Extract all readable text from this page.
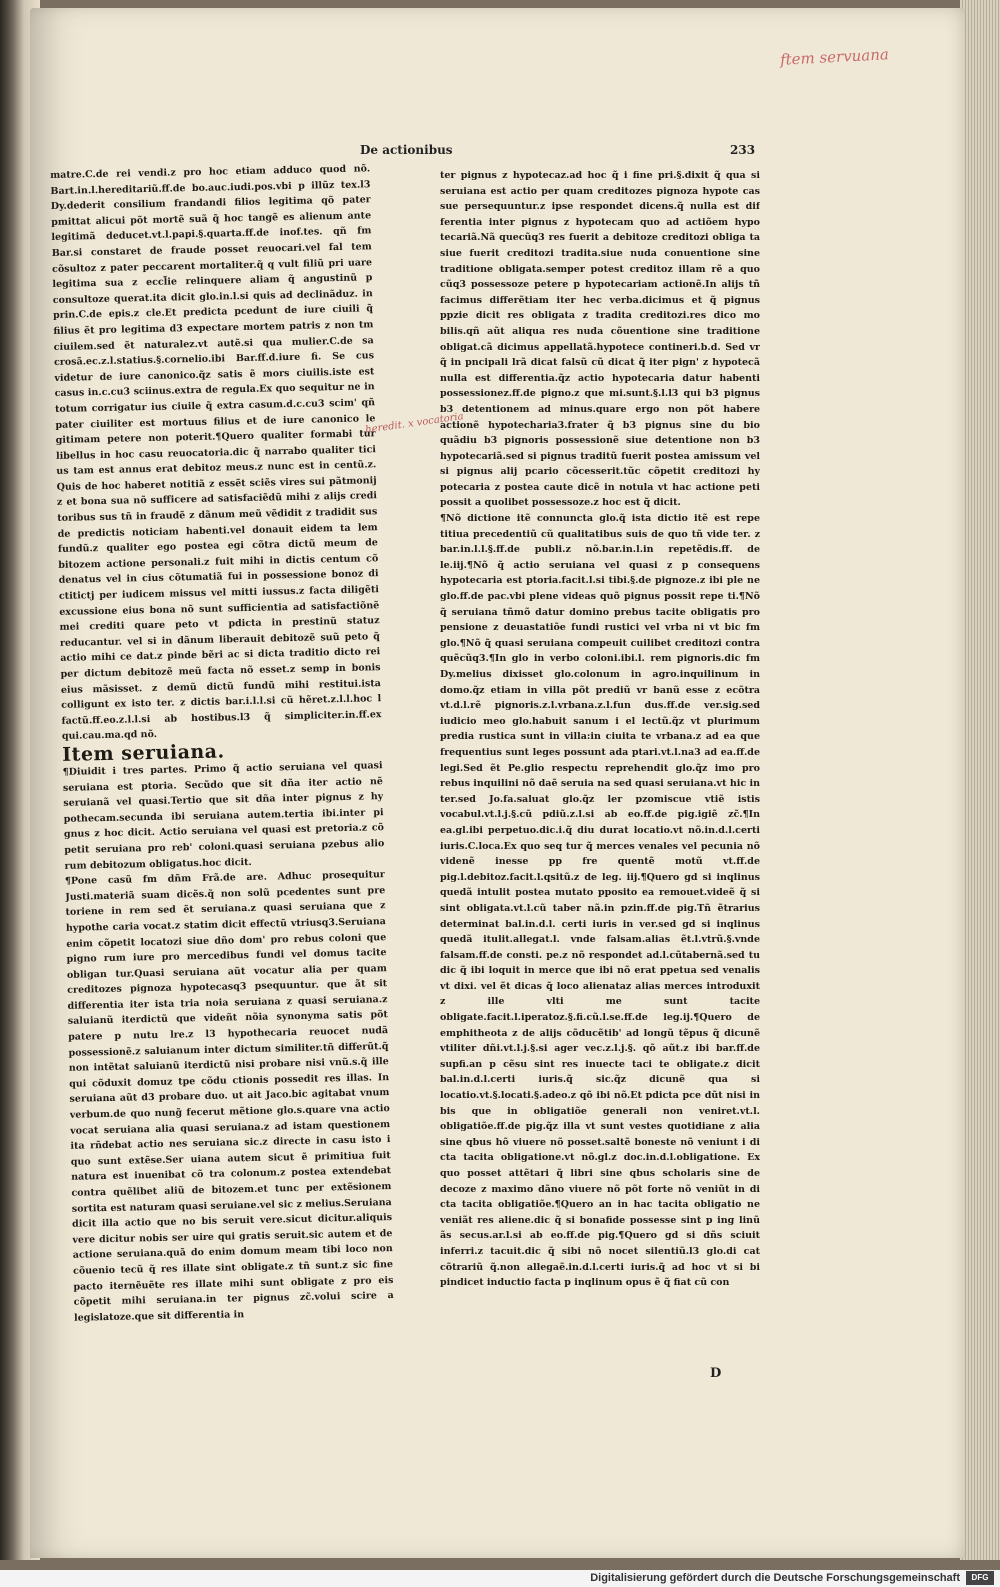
ftem servuana
De actionibus	233

matre.C.de rei vendi.z pro hoc etiam adduco quod nõ. Bart.in.l.hereditariũ.ff.de bo.auc.iudi.pos.vbi p illũz tex.l3 Dy.dederit consilium frandandi filios legitima qõ pater pmittat alicui põt mortẽ suã q̃ hoc tangẽ es alienum ante legitimã deducet.vt.l.papi.§.quarta.ff.de inof.tes. qñ fm Bar.si constaret de fraude posset reuocari.vel fal tem cõsultoz z pater peccarent mortaliter.q̃ q vult filiũ pri uare legitima sua z eccl̃ie relinquere aliam q̃ angustinũ p consultoze querat.ita dicit glo.in.l.si quis ad declinãduz. in prin.C.de epis.z cle.Et predicta pcedunt de iure ciuili q̃ filius ẽt pro legitima d3 expectare mortem patris z non tm ciuilem.sed ẽt naturalez.vt autẽ.si qua mulier.C.de sa crosã.ec.z.l.statius.§.cornelio.ibi Bar.ff.d.iure fi. Se cus videtur de iure canonico.q̃z satis ẽ mors ciuilis.iste est casus in.c.cu3 sciinus.extra de regula.Ex quo sequitur ne in totum corrigatur ius ciuile q̃ extra casum.d.c.cu3 scim' qñ pater ciuiliter est mortuus filius et de iure canonico le gitimam petere non poterit.¶Quero qualiter formabi tur libellus in hoc casu reuocatoria.dic q̃ narrabo qualiter tici us tam est annus erat debitoz meus.z nunc est in centũ.z. Quis de hoc haberet notitiã z essẽt sciẽs vires sui pãtmonij z et bona sua nõ sufficere ad satisfaciẽdũ mihi z alijs credi toribus sus tñ in fraudẽ z dãnum meũ vẽdidit z tradidit sus de predictis noticiam habenti.vel donauit eidem ta lem fundũ.z qualiter ego postea egi cõtra dictũ meum de bitozem actione personali.z fuit mihi in dictis centum cõ denatus vel in cius cõtumatiã fui in possessione bonoz di ctitictj per iudicem missus vel mitti iussus.z facta diligẽti excussione eius bona nõ sunt sufficientia ad satisfactiõnẽ mei crediti quare peto vt pdicta in prestinũ statuz reducantur. vel si in dãnum liberauit debitozẽ suũ peto q̃ actio mihi ce dat.z pinde bẽri ac si dicta traditio dicto rei per dictum debitozẽ meũ facta nõ esset.z semp in bonis eius mãsisset. z demũ dictũ fundũ mihi restitui.ista colligunt ex isto ter. z dictis bar.i.l.l.si cũ hẽret.z.l.l.hoc l factũ.ff.eo.z.l.l.si ab hostibus.l3 q̃ simpliciter.in.ff.ex qui.cau.ma.qd nõ.

Item seruiana.

¶Diuidit i tres partes. Primo q̃ actio seruiana vel quasi seruiana est ptoria. Secũdo que sit dña iter actio nẽ seruianã vel quasi.Tertio que sit dña inter pignus z hy pothecam.secunda ibi seruiana autem.tertia ibi.inter pi gnus z hoc dicit. Actio seruiana vel quasi est pretoria.z cõ petit seruiana pro reb' coloni.quasi seruiana pzebus alio rum debitozum obligatus.hoc dicit.

¶Pone casũ fm dñm Frã.de are. Adhuc prosequitur Justi.materiã suam dicẽs.q̃ non solũ pcedentes sunt pre toriene in rem sed ẽt seruiana.z quasi seruiana que z hypothe caria vocat.z statim dicit effectũ vtriusq3.Seruiana enim cõpetit locatozi siue dño dom' pro rebus coloni que pigno rum iure pro mercedibus fundi vel domus tacite obligan tur.Quasi seruiana aũt vocatur alia per quam creditozes pignoza hypotecasq3 psequuntur. que ãt sit differentia iter ista tria noia seruiana z quasi seruiana.z saluianũ iterdictũ que videñt nõia synonyma satis põt patere p nutu lre.z l3 hypothecaria reuocet nudã possessionẽ.z saluianum inter dictum similiter.tñ differũt.q̃ non intẽtat saluianũ iterdictũ nisi probare nisi vnũ.s.q̃ ille qui cõduxit domuz tpe cõdu ctionis possedit res illas. In seruiana aũt d3 probare duo. ut ait Jaco.bic agitabat vnum verbum.de quo nung̃ fecerut mẽtione glo.s.quare vna actio vocat seruiana alia quasi seruiana.z ad istam questionem ita rñdebat actio nes seruiana sic.z directe in casu isto i quo sunt extẽse.Ser uiana autem sicut ẽ primitiua fuit natura est inuenibat cõ tra colonum.z postea extendebat contra quẽlibet aliũ de bitozem.et tunc per extẽsionem sortita est naturam quasi seruiane.vel sic z melius.Seruiana dicit illa actio que no bis seruit vere.sicut dicitur.aliquis vere dicitur nobis ser uire qui gratis seruit.sic autem et de actione seruiana.quã do enim domum meam tibi loco non cõuenio tecũ q̃ res illate sint obligate.z tñ sunt.z sic fine pacto iternẽuẽte res illate mihi sunt obligate z pro eis cõpetit mihi seruiana.in ter pignus zc̃.volui scire a legislatoze.que sit differentia in

heredit. x vocatoria

ter pignus z hypotecaz.ad hoc q̃ i fine pri.§.dixit q̃ qua si seruiana est actio per quam creditozes pignoza hypote cas sue persequuntur.z ipse respondet dicens.q̃ nulla est dif ferentia inter pignus z hypotecam quo ad actiõem hypo tecariã.Nã quecũq3 res fuerit a debitoze creditozi obliga ta siue fuerit creditozi tradita.siue nuda conuentione sine traditione obligata.semper potest creditoz illam rẽ a quo cũq3 possessoze petere p hypotecariam actionẽ.In alijs tñ facimus differẽtiam iter hec verba.dicimus et q̃ pignus ppzie dicit res obligata z tradita creditozi.res dico mo bilis.qñ aũt aliqua res nuda cõuentione sine traditione obligat.cã dicimus appellatã.hypotece contineri.b.d. Sed vr q̃ in pncipali lrã dicat falsũ cũ dicat q̃ iter pign' z hypotecã nulla est differentia.q̃z actio hypotecaria datur habenti possessionez.ff.de pigno.z que mi.sunt.§.l.l3 qui b3 pignus b3 detentionem ad minus.quare ergo non põt habere actionẽ hypotecharia3.frater q̃ b3 pignus sine du bio quãdiu b3 pignoris possessionẽ siue detentione non b3 hypotecariã.sed si pignus traditũ fuerit postea amissum vel si pignus alij pcario cõcesserit.tũc cõpetit creditozi hy potecaria z postea caute dicẽ in notula vt hac actione peti possit a quolibet possessoze.z hoc est q̃ dicit.

¶Nõ dictione itẽ connuncta glo.q̃ ista dictio itẽ est repe titiua precedentiũ cũ qualitatibus suis de quo tñ vide ter. z bar.in.l.l.§.ff.de publi.z nõ.bar.in.l.in repetẽdis.ff. de le.iij.¶Nõ q̃ actio seruiana vel quasi z p consequens hypotecaria est ptoria.facit.l.si tibi.§.de pignoze.z ibi ple ne glo.ff.de pac.vbi plene videas quõ pignus possit repe ti.¶Nõ q̃ seruiana tñmõ datur domino prebus tacite obligatis pro pensione z deuastatiõe fundi rustici vel vrba ni vt bic fm glo.¶Nõ q̃ quasi seruiana compeuit cuilibet creditozi contra quẽcũq3.¶In glo in verbo coloni.ibi.l. rem pignoris.dic fm Dy.melius dixisset glo.colonum in agro.inquilinum in domo.q̃z etiam in villa põt prediũ vr banũ esse z ecõtra vt.d.l.rẽ pignoris.z.l.vrbana.z.l.fun dus.ff.de ver.sig.sed iudicio meo glo.habuit sanum i el lectũ.q̃z vt plurimum predia rustica sunt in villa:in ciuita te vrbana.z ad ea que frequentius sunt leges possunt ada ptari.vt.l.na3 ad ea.ff.de legi.Sed ẽt Pe.glio respectu reprehendit glo.q̃z imo pro rebus inquilini nõ daẽ seruia na sed quasi seruiana.vt hic in ter.sed Jo.fa.saluat glo.q̃z ler pzomiscue vtiẽ istis vocabul.vt.l.j.§.cũ pdiũ.z.l.si ab eo.ff.de pig.igiẽ zc̃.¶In ea.gl.ibi perpetuo.dic.i.q̃ diu durat locatio.vt nõ.in.d.l.certi iuris.C.loca.Ex quo seq tur q̃ merces venales vel pecunia nõ videnẽ inesse pp fre quentẽ motũ vt.ff.de pig.l.debitoz.facit.l.qsitũ.z de leg. iij.¶Quero gd si inqlinus quedã intulit postea mutato pposito ea remouet.videẽ q̃ si sint obligata.vt.l.cũ taber nã.in pzin.ff.de pig.Tñ ẽtrarius determinat bal.in.d.l. certi iuris in ver.sed gd si inqlinus quedã itulit.allegat.l. vnde falsam.alias ẽt.l.vtrũ.§.vnde falsam.ff.de consti. pe.z nõ respondet ad.l.cũtabernã.sed tu dic q̃ ibi loquit in merce que ibi nõ erat ppetua sed venalis vt dixi. vel ẽt dicas q̃ loco alienataz alias merces introduxit z ille vlti me sunt tacite obligate.facit.l.iperatoz.§.fi.cũ.l.se.ff.de leg.ij.¶Quero de emphitheota z de alijs cõducẽtib' ad longũ tẽpus q̃ dicunẽ vtiliter dñi.vt.l.j.§.si ager vec.z.l.j.§. qõ aũt.z ibi bar.ff.de supfi.an p cẽsu sint res inuecte taci te obligate.z dicit bal.in.d.l.certi iuris.q̃ sic.q̃z dicunẽ qua si locatio.vt.§.locati.§.adeo.z qõ ibi nõ.Et pdicta pce dũt nisi in bis que in obligatiõe generali non veniret.vt.l. obligatiõe.ff.de pig.q̃z illa vt sunt vestes quotidiane z alia sine qbus hõ viuere nõ posset.saltẽ boneste nõ veniunt i di cta tacita obligatione.vt nõ.gl.z doc.in.d.l.obligatione. Ex quo posset attẽtari q̃ libri sine qbus scholaris sine de decoze z maximo dãno viuere nõ põt forte nõ veniũt in di cta tacita obligatiõe.¶Quero an in hac tacita obligatio ne veniãt res aliene.dic q̃ si bonafide possesse sint p ing linũ ãs secus.ar.l.si ab eo.ff.de pig.¶Quero gd si dñs sciuit inferri.z tacuit.dic q̃ sibi nõ nocet silentiũ.l3 glo.di cat cõtrariũ q̃.non allegaẽ.in.d.l.certi iuris.q̃ ad hoc vt si bi pindicet inductio facta p inqlinum opus ẽ q̃ fiat cũ con

D
Digitalisierung gefördert durch die Deutsche Forschungsgemeinschaft	DFG
